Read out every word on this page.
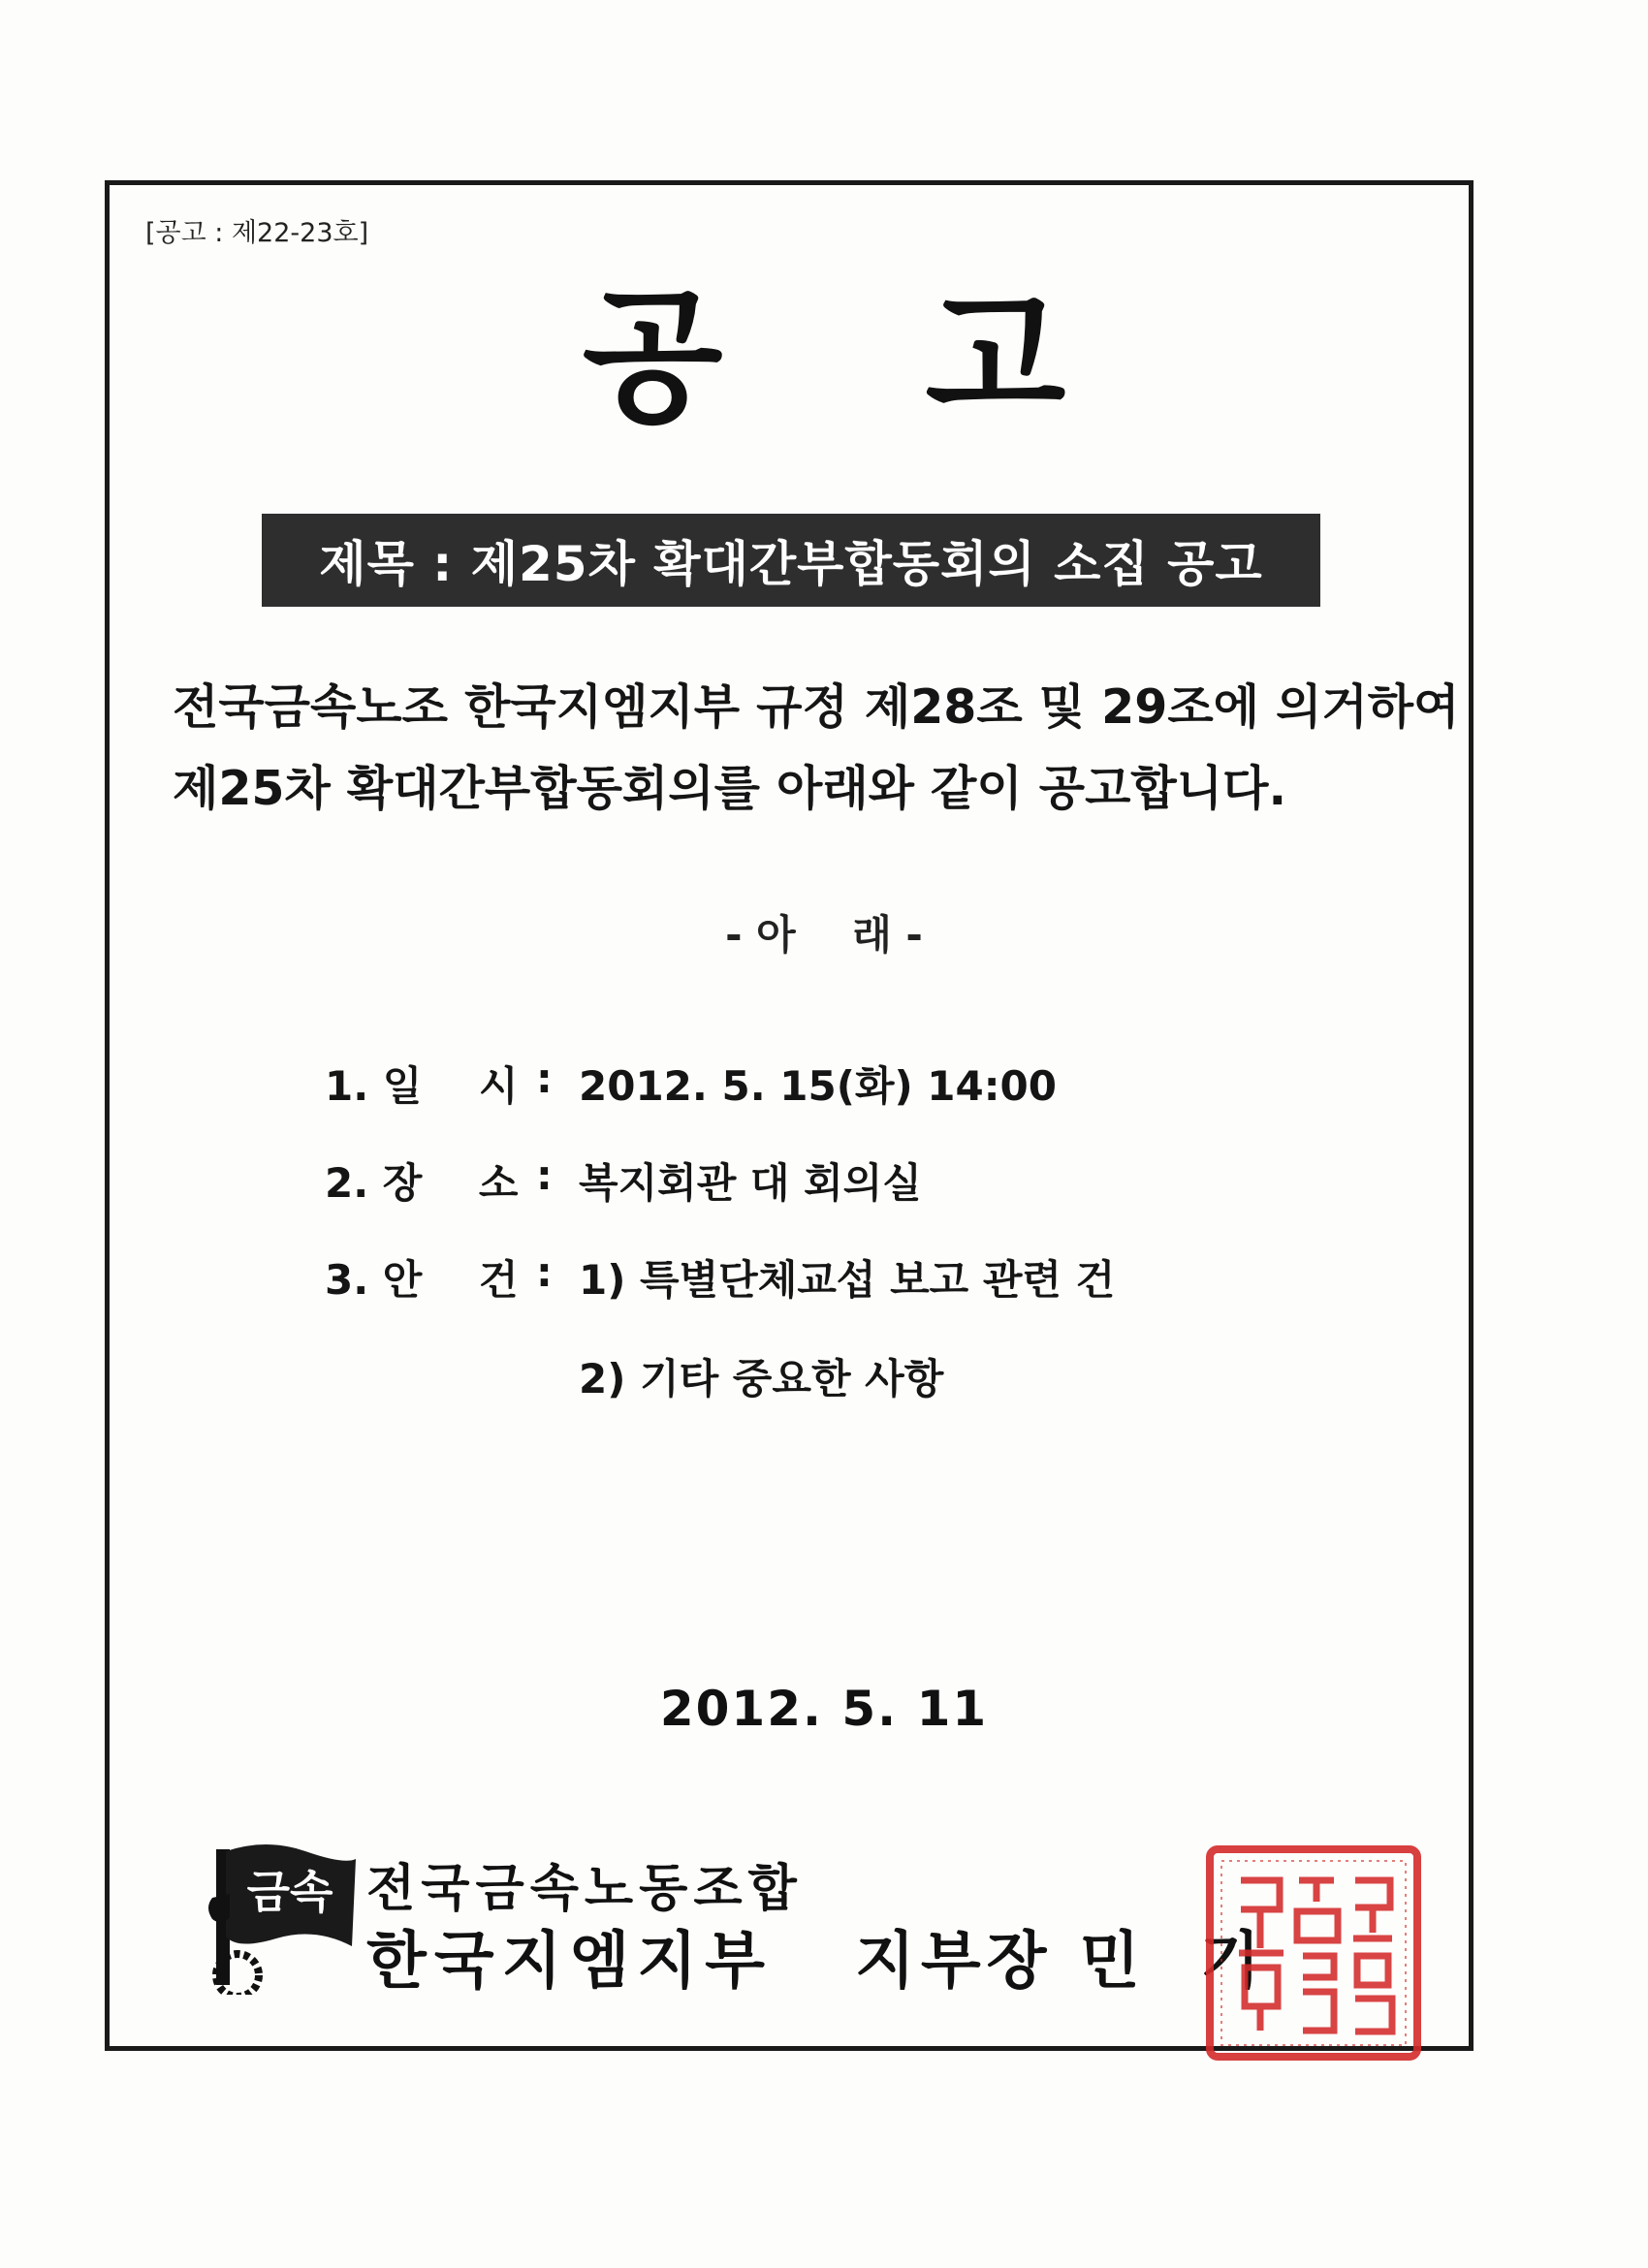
[공고 : 제22-23호]
공    고
제목 : 제25차 확대간부합동회의 소집 공고
전국금속노조 한국지엠지부 규정 제28조 및 29조에 의거하여
제25차 확대간부합동회의를 아래와 같이 공고합니다.
- 아    래 -

1. 일    시

:

2012. 5. 15(화) 14:00

2. 장    소

:

복지회관 대 회의실

3. 안    건

:

1) 특별단체교섭 보고 관련 건

2) 기타 중요한 사항

2012. 5. 11
금속 전국금속노동조합
한국지엠지부 지부장 민  기
